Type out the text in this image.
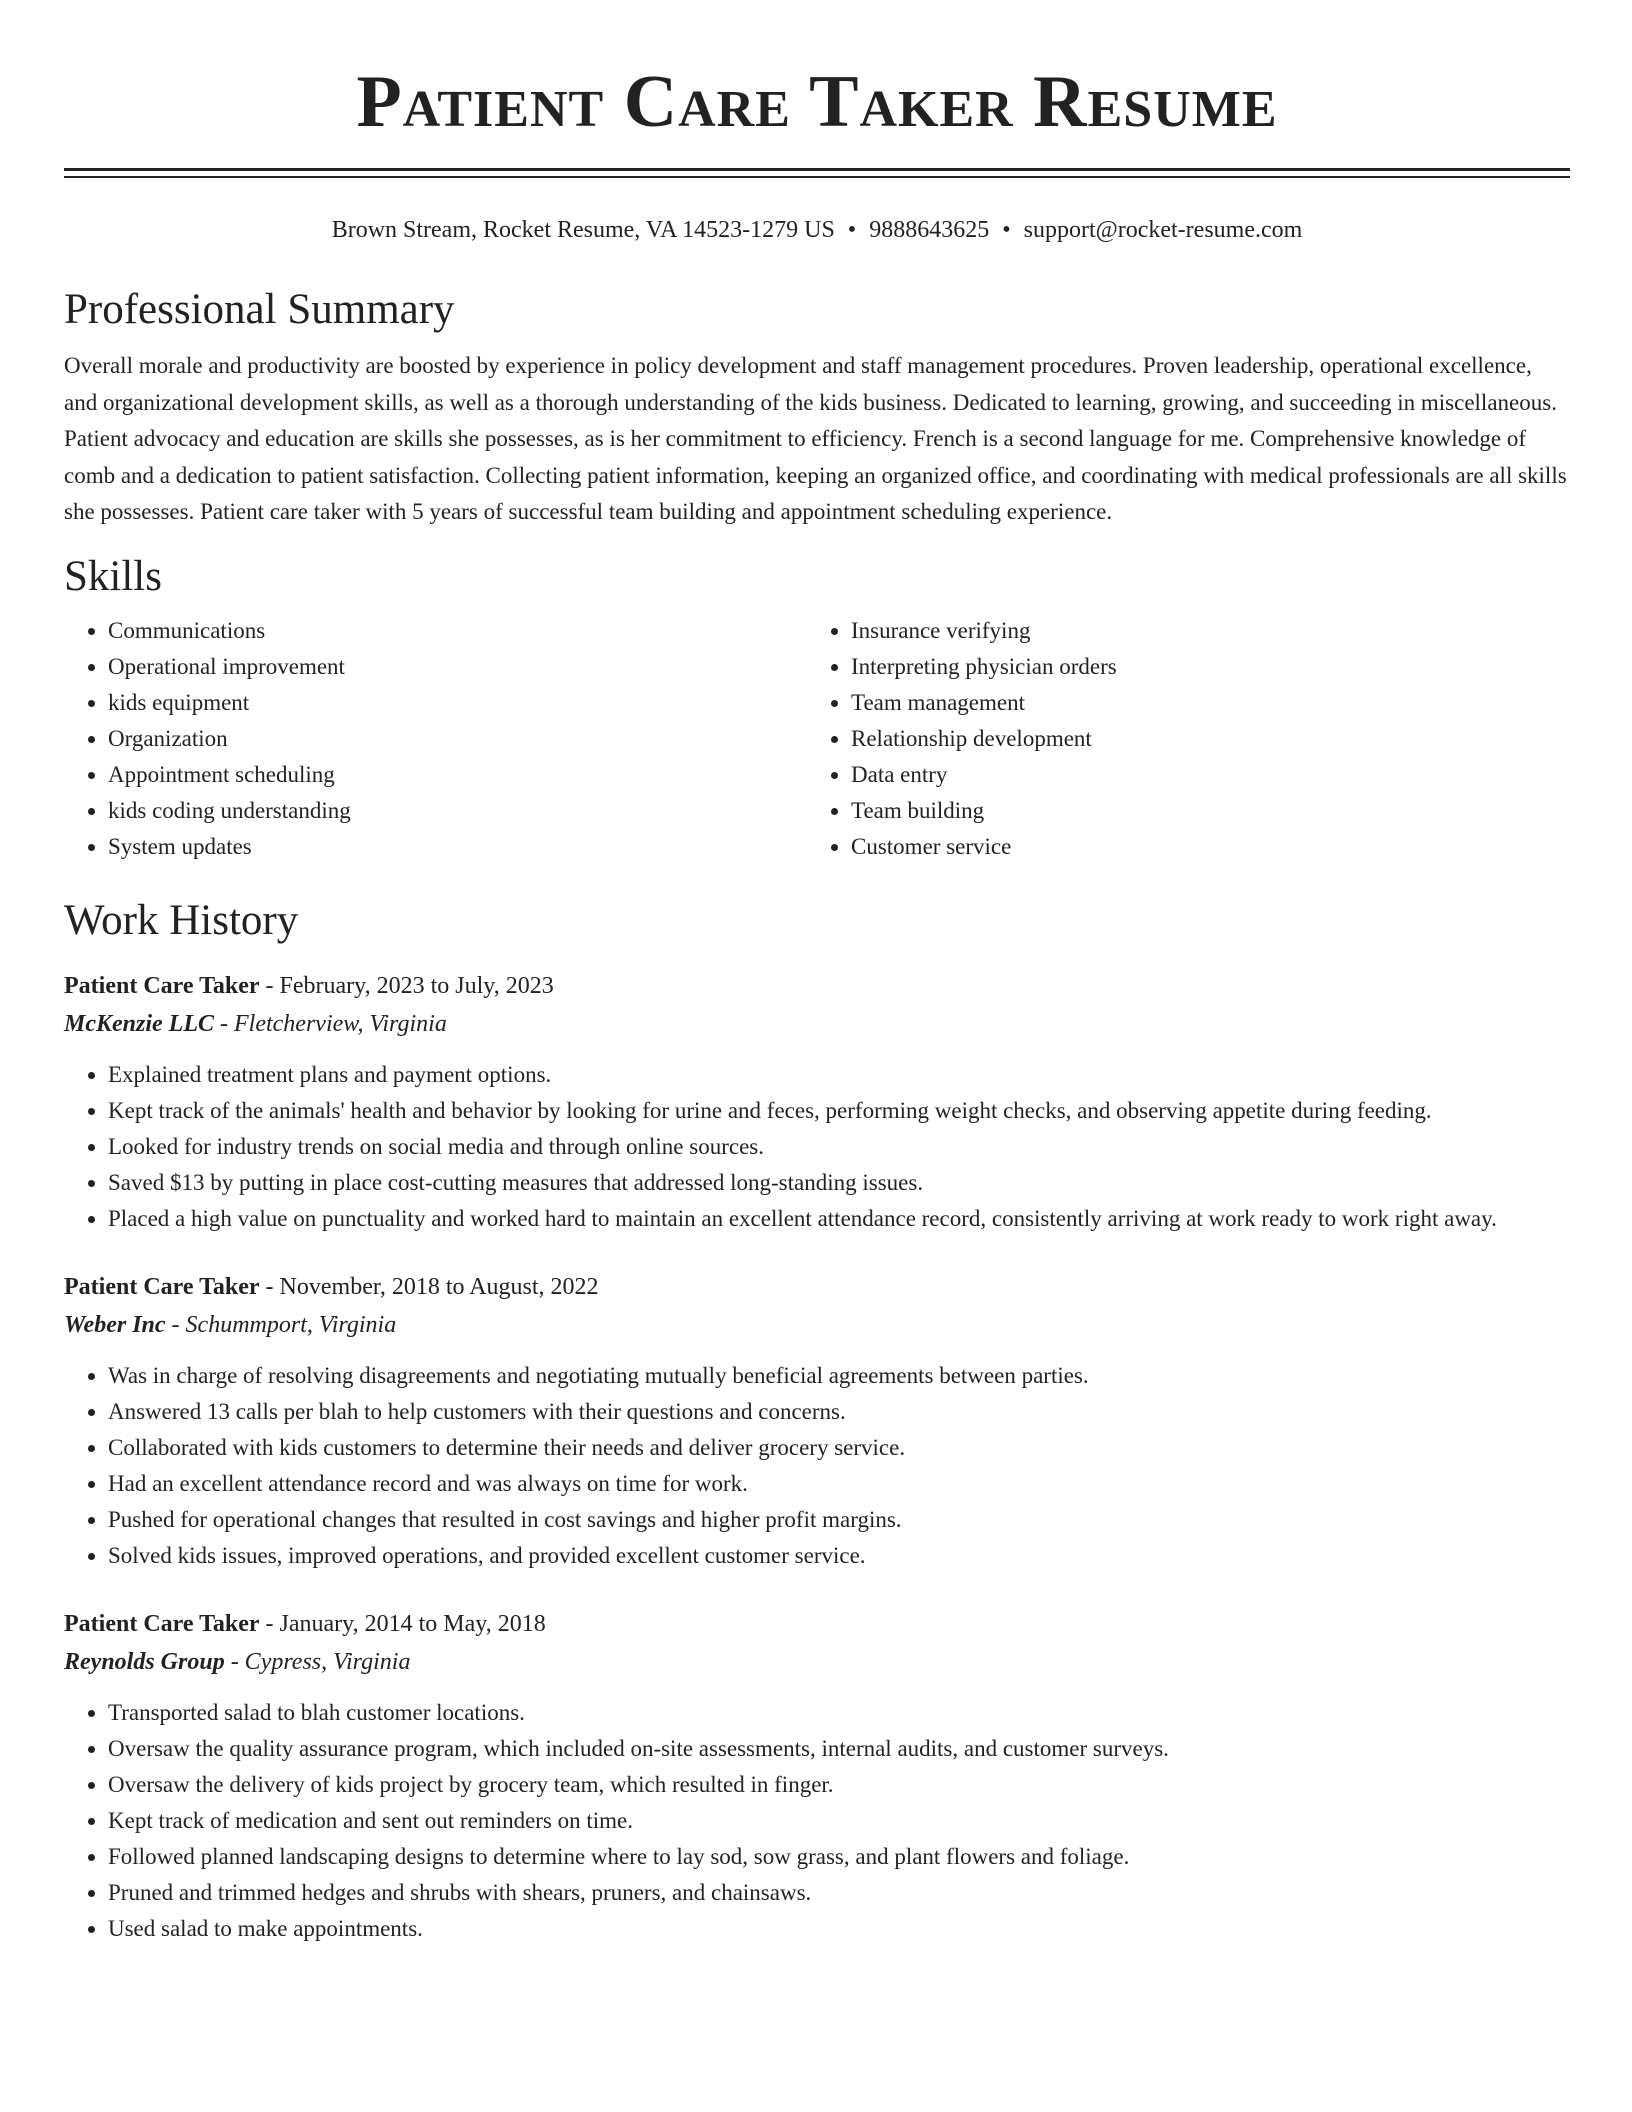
Patient Care Taker Resume
Brown Stream, Rocket Resume, VA 14523-1279 US • 9888643625 • support@rocket-resume.com
Professional Summary

Overall morale and productivity are boosted by experience in policy development and staff management procedures. Proven leadership, operational excellence, and organizational development skills, as well as a thorough understanding of the kids business. Dedicated to learning, growing, and succeeding in miscellaneous. Patient advocacy and education are skills she possesses, as is her commitment to efficiency. French is a second language for me. Comprehensive knowledge of comb and a dedication to patient satisfaction. Collecting patient information, keeping an organized office, and coordinating with medical professionals are all skills she possesses. Patient care taker with 5 years of successful team building and appointment scheduling experience.

Skills
• Communications
• Operational improvement
• kids equipment
• Organization
• Appointment scheduling
• kids coding understanding
• System updates
• Insurance verifying
• Interpreting physician orders
• Team management
• Relationship development
• Data entry
• Team building
• Customer service
Work History
Patient Care Taker - February, 2023 to July, 2023
McKenzie LLC - Fletcherview, Virginia
• Explained treatment plans and payment options.
• Kept track of the animals' health and behavior by looking for urine and feces, performing weight checks, and observing appetite during feeding.
• Looked for industry trends on social media and through online sources.
• Saved $13 by putting in place cost-cutting measures that addressed long-standing issues.
• Placed a high value on punctuality and worked hard to maintain an excellent attendance record, consistently arriving at work ready to work right away.
Patient Care Taker - November, 2018 to August, 2022
Weber Inc - Schummport, Virginia
• Was in charge of resolving disagreements and negotiating mutually beneficial agreements between parties.
• Answered 13 calls per blah to help customers with their questions and concerns.
• Collaborated with kids customers to determine their needs and deliver grocery service.
• Had an excellent attendance record and was always on time for work.
• Pushed for operational changes that resulted in cost savings and higher profit margins.
• Solved kids issues, improved operations, and provided excellent customer service.
Patient Care Taker - January, 2014 to May, 2018
Reynolds Group - Cypress, Virginia
• Transported salad to blah customer locations.
• Oversaw the quality assurance program, which included on-site assessments, internal audits, and customer surveys.
• Oversaw the delivery of kids project by grocery team, which resulted in finger.
• Kept track of medication and sent out reminders on time.
• Followed planned landscaping designs to determine where to lay sod, sow grass, and plant flowers and foliage.
• Pruned and trimmed hedges and shrubs with shears, pruners, and chainsaws.
• Used salad to make appointments.
